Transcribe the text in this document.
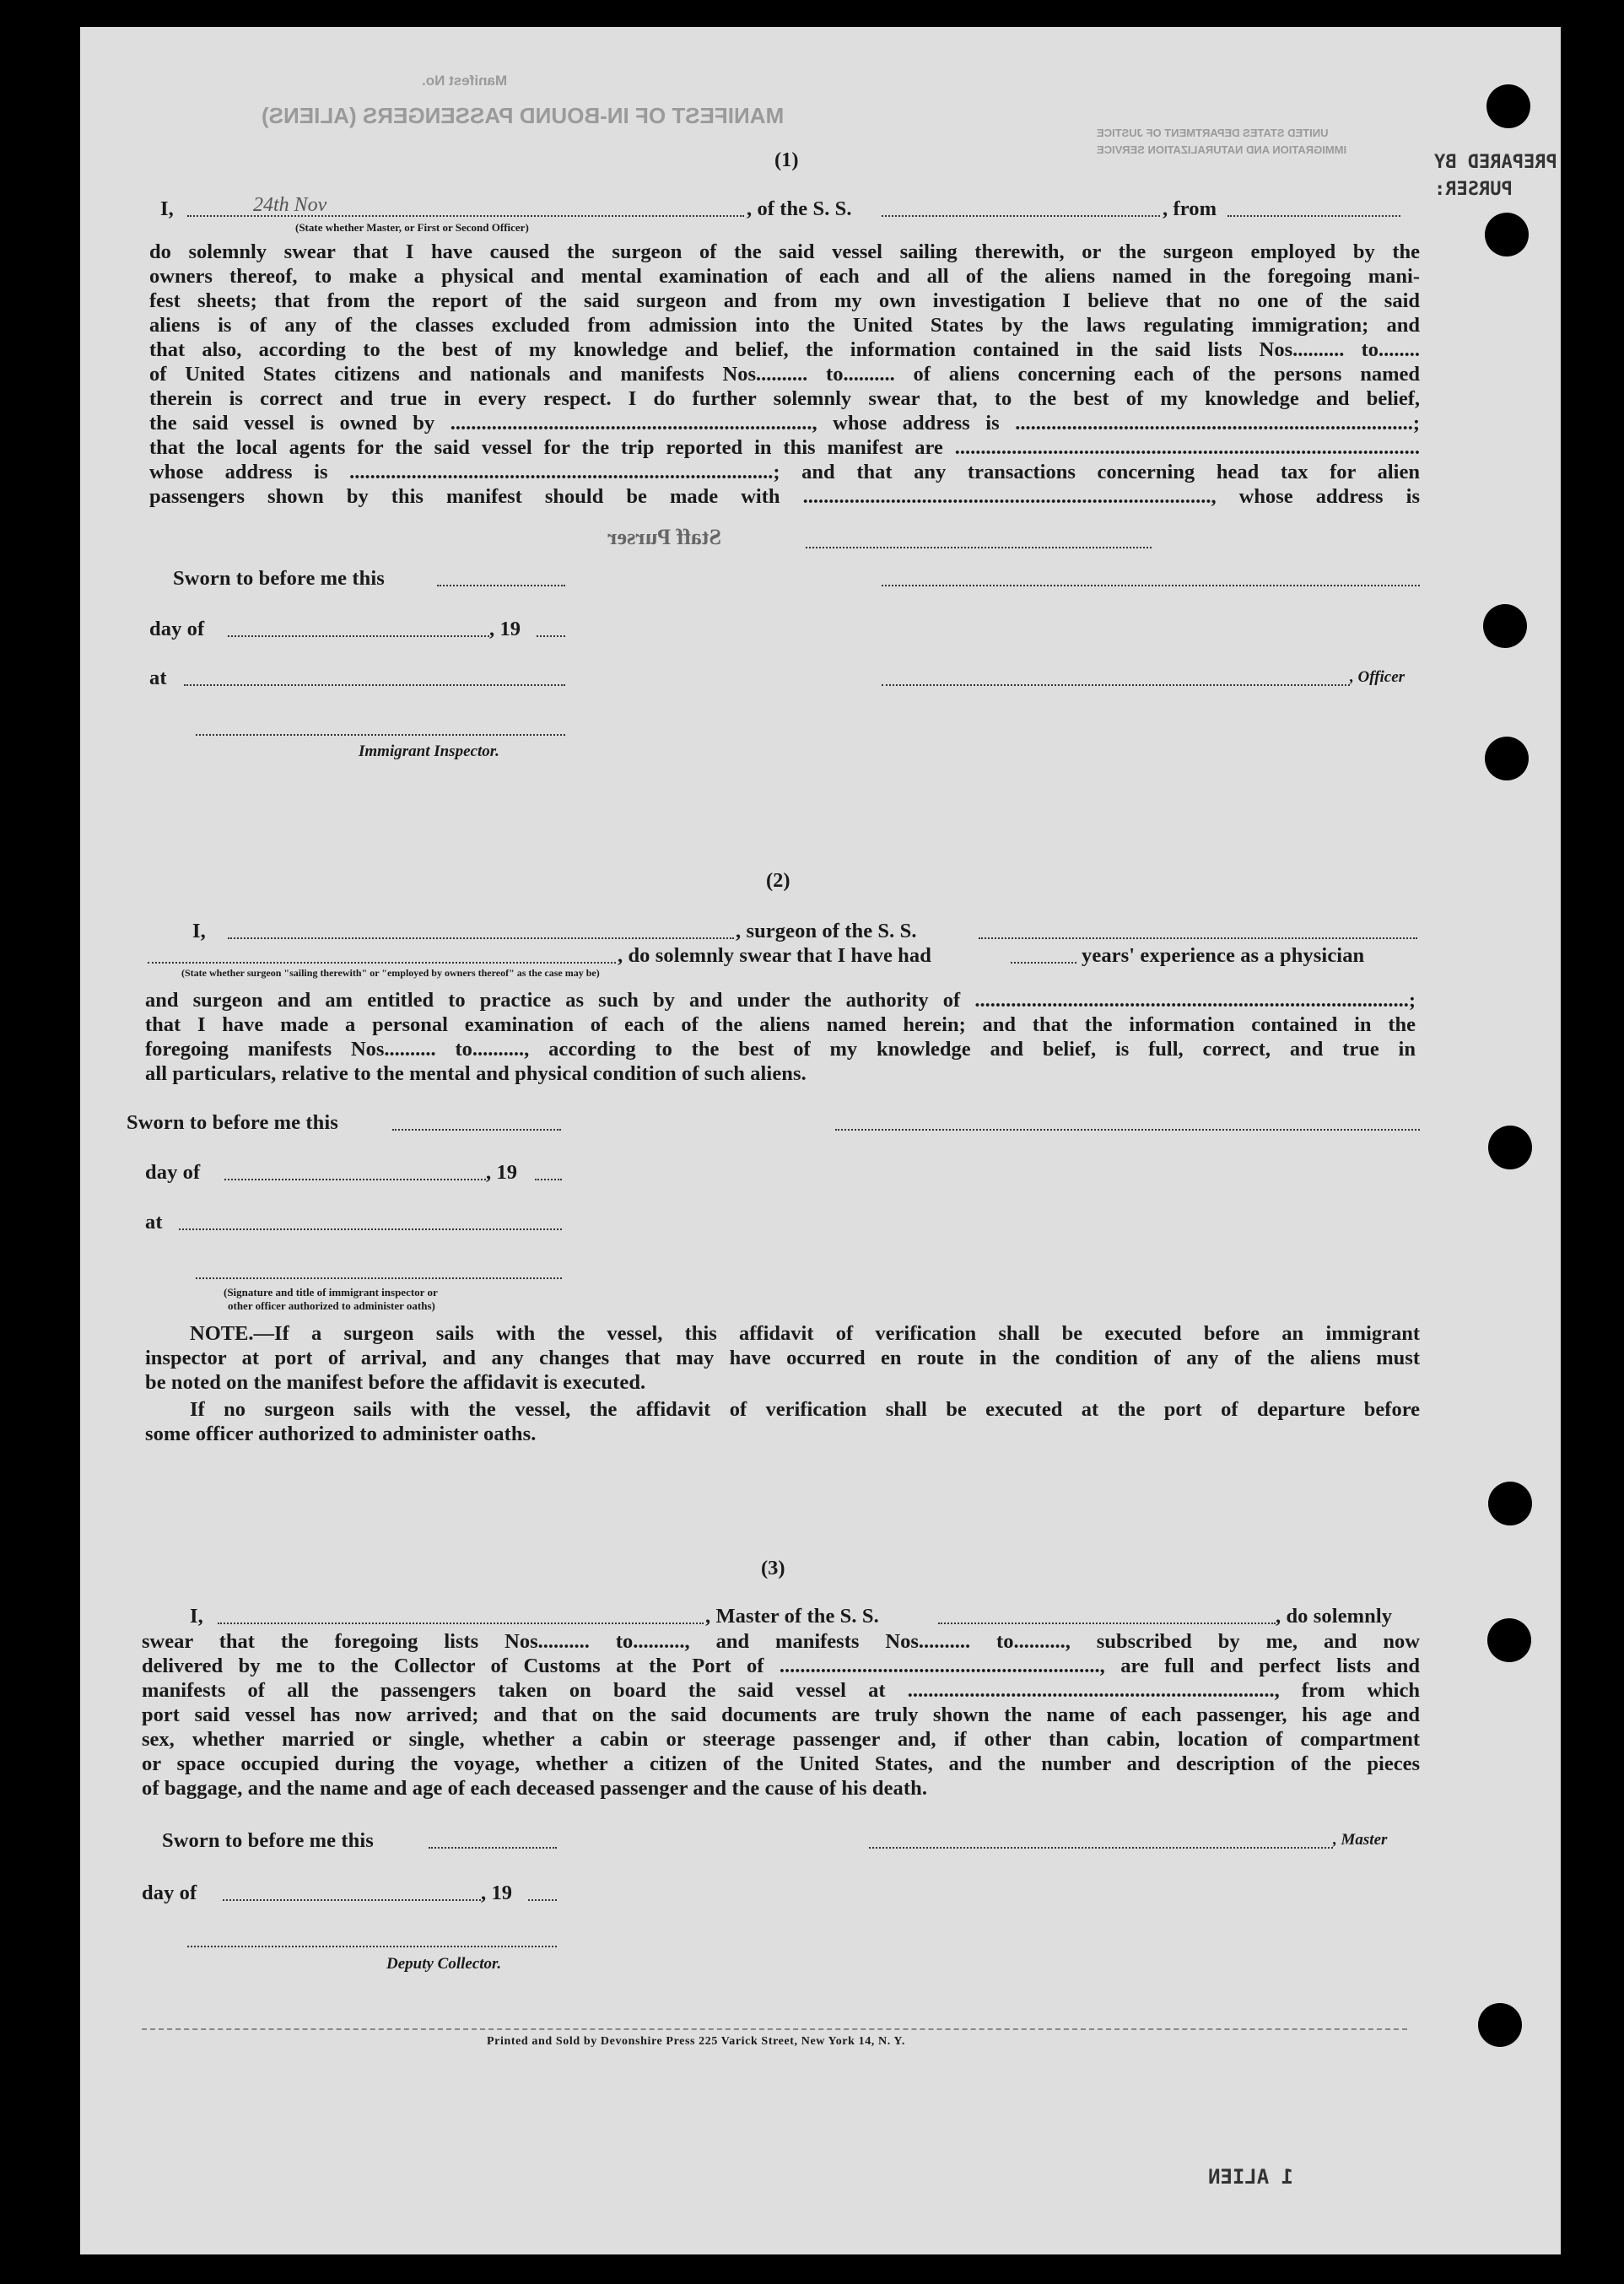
MANIFEST OF IN-BOUND PASSENGERS (ALIENS)
Manifest No.
UNITED STATES DEPARTMENT OF JUSTICE
IMMIGRATION AND NATURALIZATION SERVICE
PREPARED BY
PURSER:
(1)
I,	24th Nov	, of the S. S.	, from
(State whether Master, or First or Second Officer)
do solemnly swear that I have caused the surgeon of the said vessel sailing therewith, or the surgeon employed by the
owners thereof, to make a physical and mental examination of each and all of the aliens named in the foregoing mani-
fest sheets; that from the report of the said surgeon and from my own investigation I believe that no one of the said
aliens is of any of the classes excluded from admission into the United States by the laws regulating immigration; and
that also, according to the best of my knowledge and belief, the information contained in the said lists Nos.......... to........
of United States citizens and nationals and manifests Nos.......... to.......... of aliens concerning each of the persons named
therein is correct and true in every respect. I do further solemnly swear that, to the best of my knowledge and belief,
the said vessel is owned by ......................................................................, whose address is .............................................................................;
that the local agents for the said vessel for the trip reported in this manifest are ..........................................................................................
whose address is ..................................................................................; and that any transactions concerning head tax for alien
passengers shown by this manifest should be made with ..............................................................................., whose address is
Staff Purser
Sworn to before me this
day of	, 19
at	, Officer
Immigrant Inspector.
(2)
I,	, surgeon of the S. S.
, do solemnly swear that I have had	years' experience as a physician
(State whether surgeon "sailing therewith" or "employed by owners thereof" as the case may be)
and surgeon and am entitled to practice as such by and under the authority of ....................................................................................;
that I have made a personal examination of each of the aliens named herein; and that the information contained in the
foregoing manifests Nos.......... to.........., according to the best of my knowledge and belief, is full, correct, and true in
all particulars, relative to the mental and physical condition of such aliens.
Sworn to before me this
day of	, 19
at
(Signature and title of immigrant inspector or
other officer authorized to administer oaths)
NOTE.—If a surgeon sails with the vessel, this affidavit of verification shall be executed before an immigrant
inspector at port of arrival, and any changes that may have occurred en route in the condition of any of the aliens must
be noted on the manifest before the affidavit is executed.
If no surgeon sails with the vessel, the affidavit of verification shall be executed at the port of departure before
some officer authorized to administer oaths.
(3)
I,	, Master of the S. S.	, do solemnly
swear that the foregoing lists Nos.......... to.........., and manifests Nos.......... to.........., subscribed by me, and now
delivered by me to the Collector of Customs at the Port of .............................................................., are full and perfect lists and
manifests of all the passengers taken on board the said vessel at ......................................................................., from which
port said vessel has now arrived; and that on the said documents are truly shown the name of each passenger, his age and
sex, whether married or single, whether a cabin or steerage passenger and, if other than cabin, location of compartment
or space occupied during the voyage, whether a citizen of the United States, and the number and description of the pieces
of baggage, and the name and age of each deceased passenger and the cause of his death.
Sworn to before me this	, Master
day of	, 19
Deputy Collector.
Printed and Sold by Devonshire Press 225 Varick Street, New York 14, N. Y.
1 ALIEN
